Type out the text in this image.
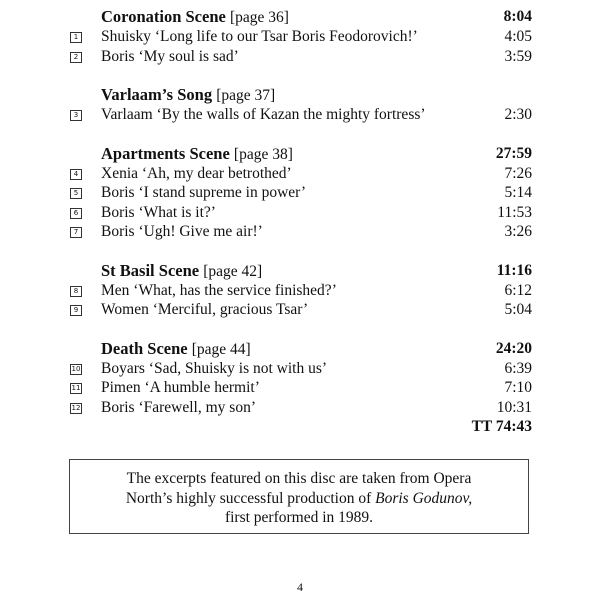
Coronation Scene [page 36]	8:04
1 Shuisky ‘Long life to our Tsar Boris Feodorovich!’	4:05
2 Boris ‘My soul is sad’	3:59
Varlaam’s Song [page 37]
3 Varlaam ‘By the walls of Kazan the mighty fortress’	2:30
Apartments Scene [page 38]	27:59
4 Xenia ‘Ah, my dear betrothed’	7:26
5 Boris ‘I stand supreme in power’	5:14
6 Boris ‘What is it?’	11:53
7 Boris ‘Ugh! Give me air!’	3:26
St Basil Scene [page 42]	11:16
8 Men ‘What, has the service finished?’	6:12
9 Women ‘Merciful, gracious Tsar’	5:04
Death Scene [page 44]	24:20
10 Boyars ‘Sad, Shuisky is not with us’	6:39
11 Pimen ‘A humble hermit’	7:10
12 Boris ‘Farewell, my son’	10:31
TT 74:43
The excerpts featured on this disc are taken from Opera
North’s highly successful production of Boris Godunov,
first performed in 1989.
4
